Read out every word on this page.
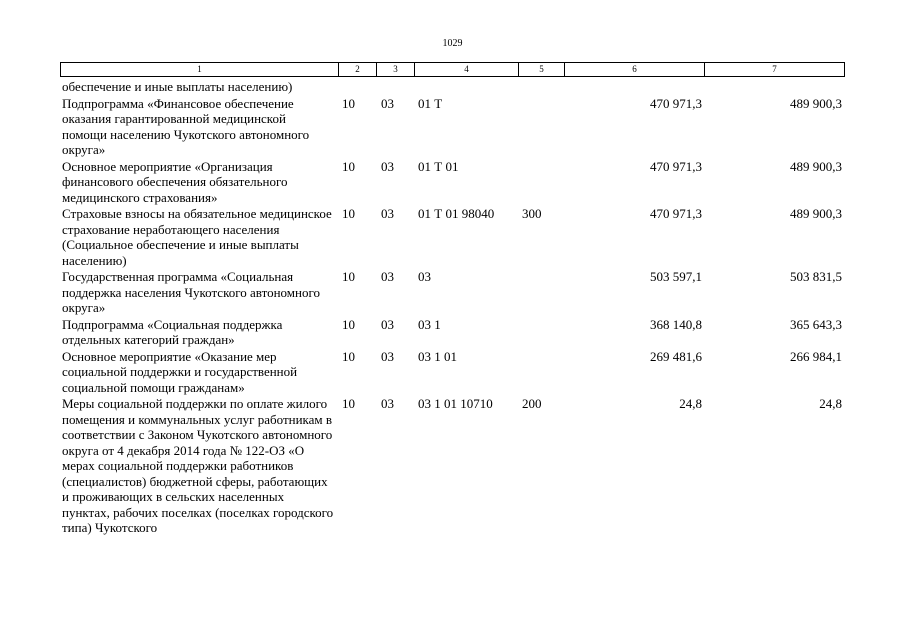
1029
1	2	3	4	5	6	7
обеспечение и иные выплаты населению)						
Подпрограмма «Финансовое обеспечение оказания гарантированной медицинской помощи населению Чукотского автономного округа»	10	03	01 Т		470 971,3	489 900,3
Основное мероприятие «Организация финансового обеспечения обязательного медицинского страхования»	10	03	01 Т 01		470 971,3	489 900,3
Страховые взносы на обязательное медицинское страхование неработающего населения (Социальное обеспечение и иные выплаты населению)	10	03	01 Т 01 98040	300	470 971,3	489 900,3
Государственная программа «Социальная поддержка населения Чукотского автономного округа»	10	03	03		503 597,1	503 831,5
Подпрограмма «Социальная поддержка отдельных категорий граждан»	10	03	03 1		368 140,8	365 643,3
Основное мероприятие «Оказание мер социальной поддержки и государственной социальной помощи гражданам»	10	03	03 1 01		269 481,6	266 984,1
Меры социальной поддержки по оплате жилого помещения и коммунальных услуг работникам в соответствии с Законом Чукотского автономного округа от 4 декабря 2014 года № 122-ОЗ «О мерах социальной поддержки работников (специалистов) бюджетной сферы, работающих и проживающих в сельских населенных пунктах, рабочих поселках (поселках городского типа) Чукотского	10	03	03 1 01 10710	200	24,8	24,8
